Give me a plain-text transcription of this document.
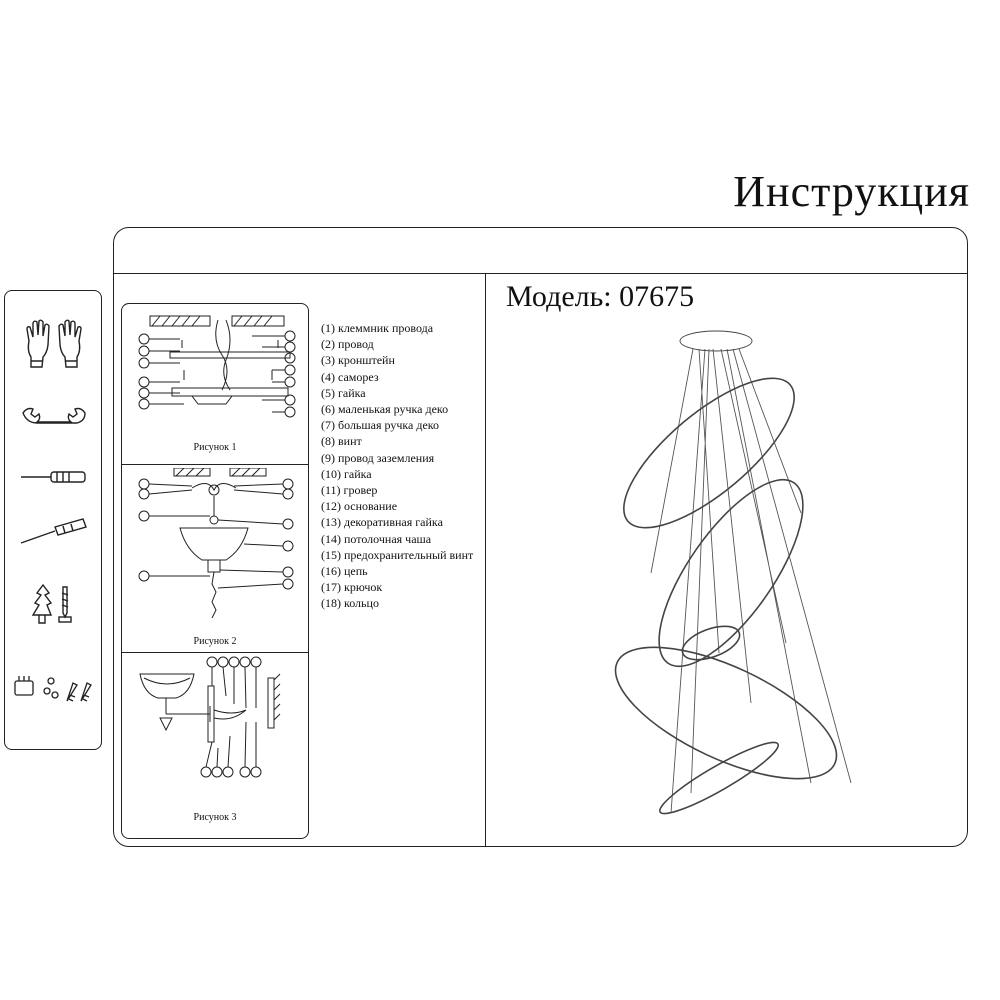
Инструкция
Рисунок 1
Рисунок 2
Рисунок 3
(1) клеммник провода
(2) провод
(3) кронштейн
(4) саморез
(5) гайка
(6) маленькая ручка деко
(7) большая ручка деко
(8) винт
(9) провод заземления
(10) гайка
(11) гровер
(12) основание
(13) декоративная гайка
(14) потолочная чаша
(15) предохранительный винт
(16) цепь
(17) крючок
(18) кольцо
Модель: 07675
